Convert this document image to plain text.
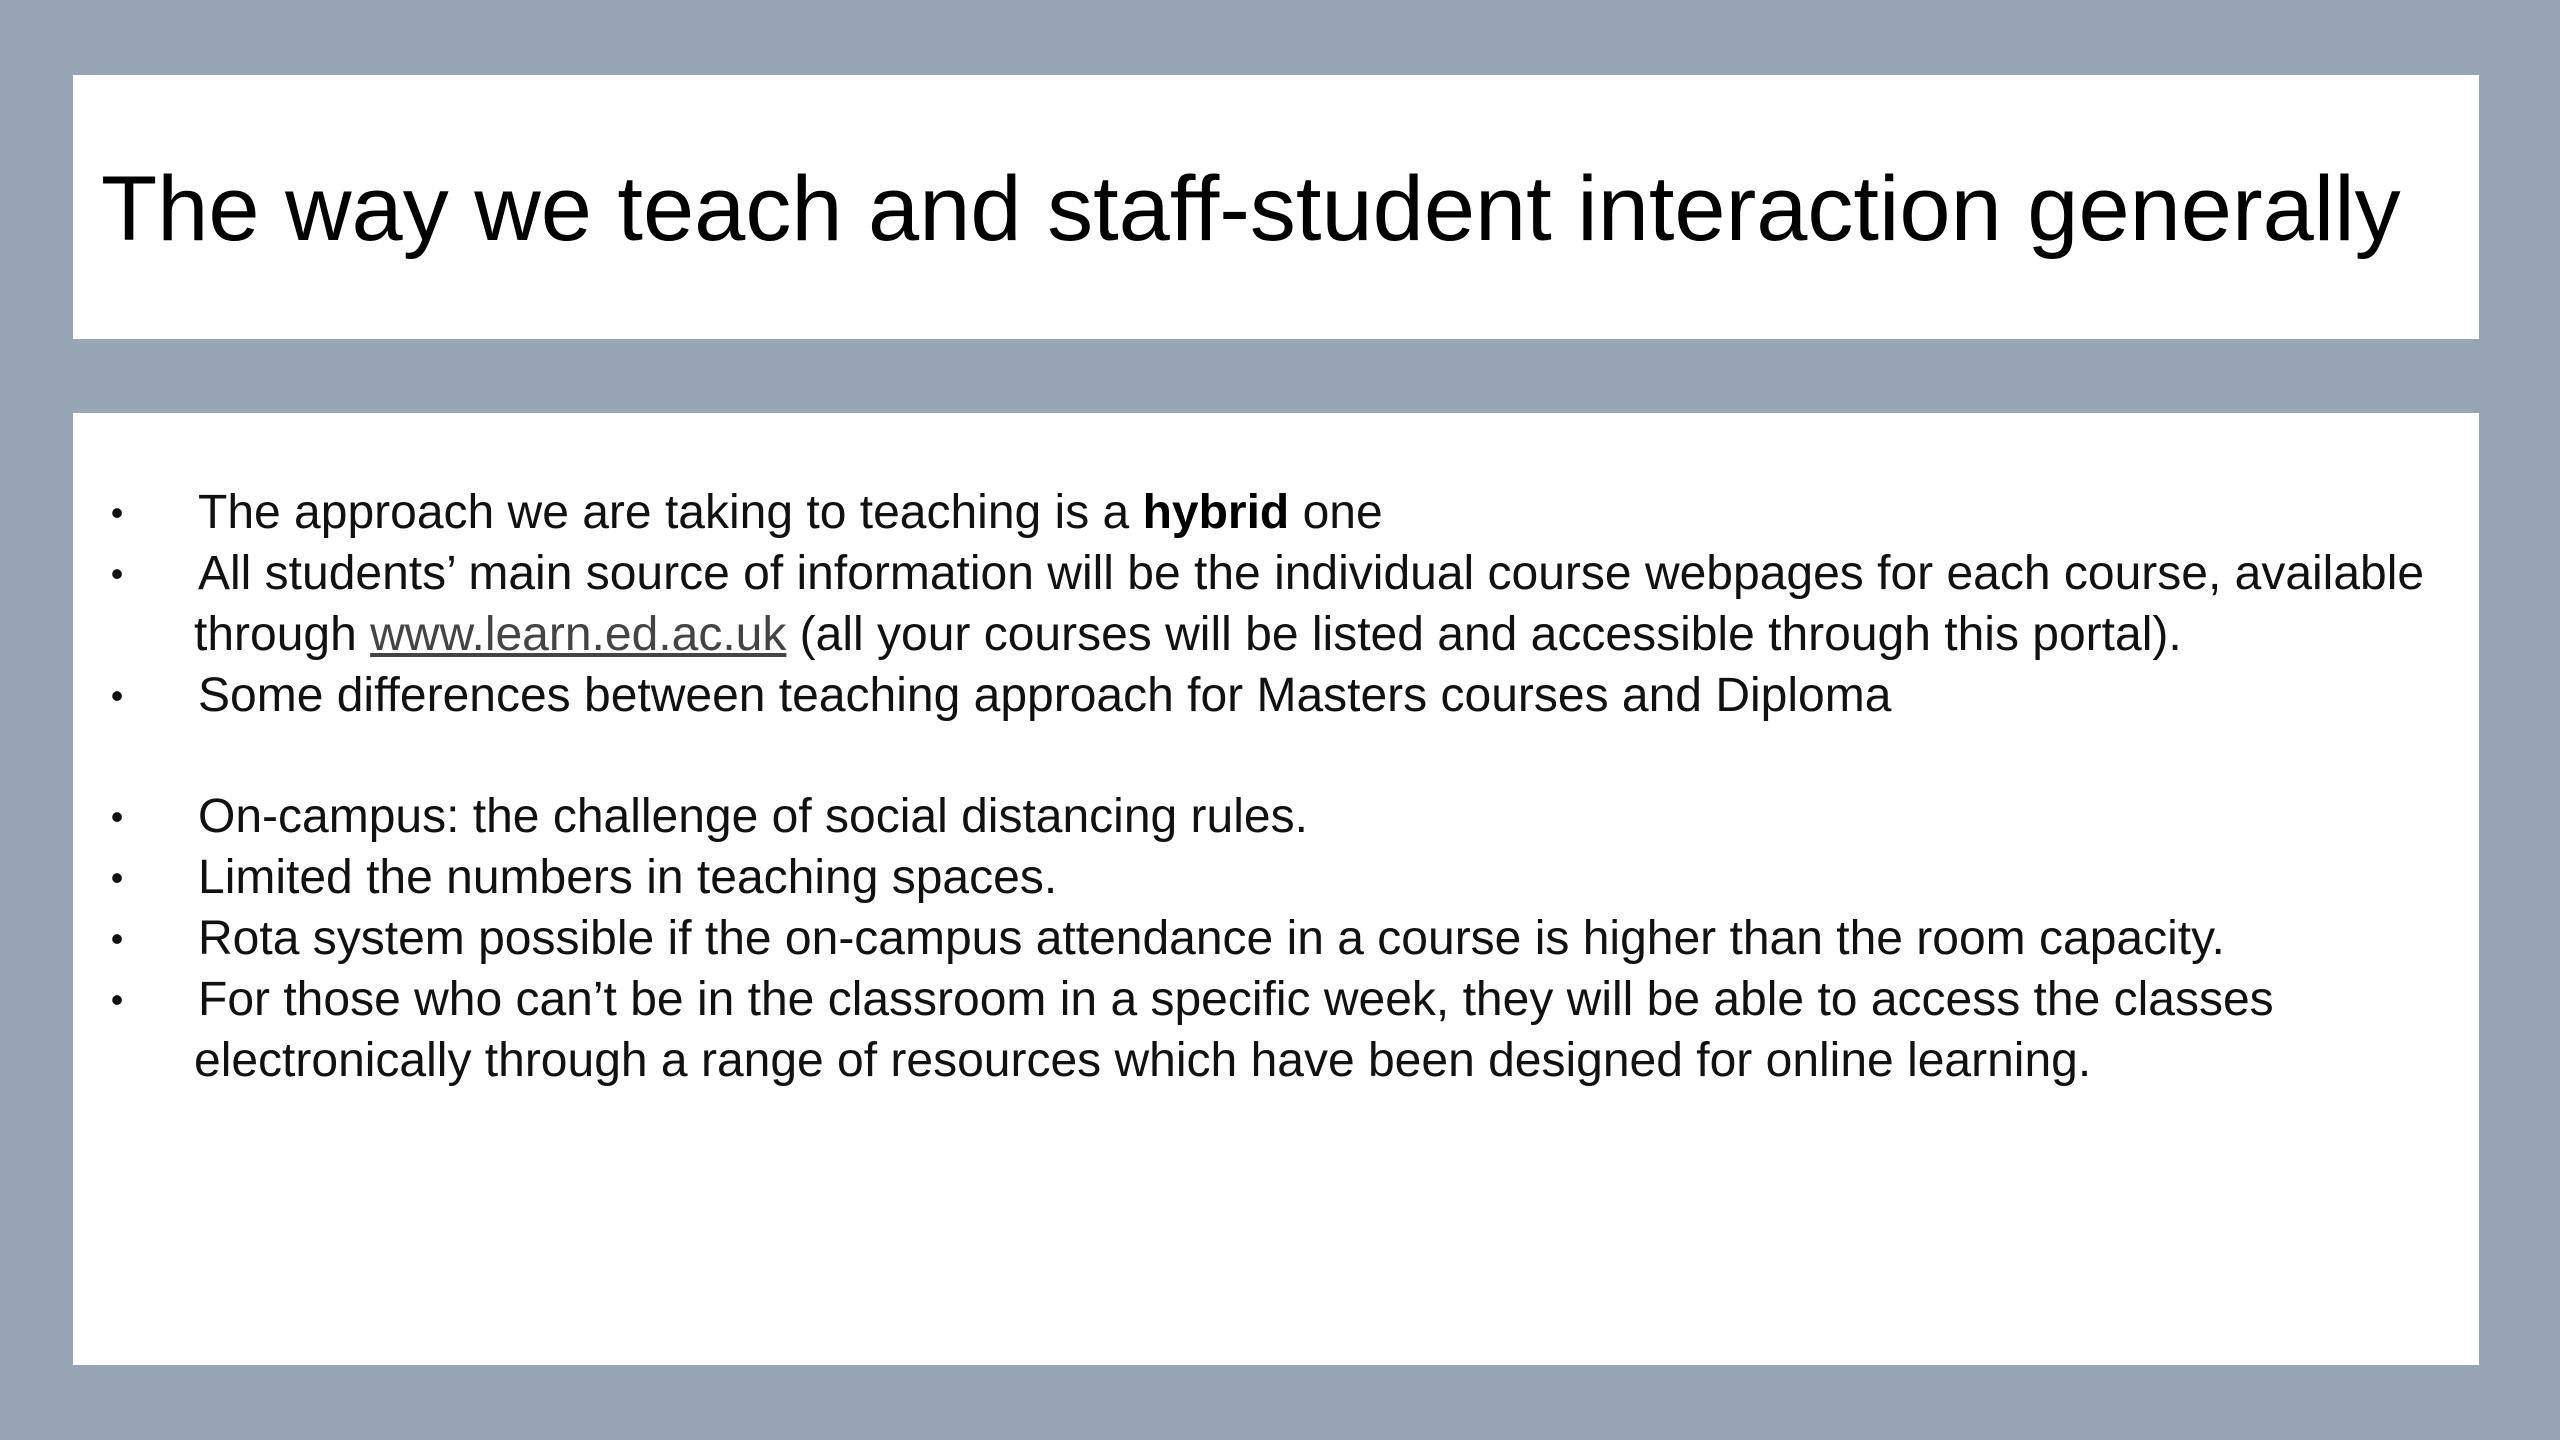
The way we teach and staff-student interaction generally
• The approach we are taking to teaching is a hybrid one
• All students’ main source of information will be the individual course webpages for each course, available
through www.learn.ed.ac.uk (all your courses will be listed and accessible through this portal).
• Some differences between teaching approach for Masters courses and Diploma
• On-campus: the challenge of social distancing rules.
• Limited the numbers in teaching spaces.
• Rota system possible if the on-campus attendance in a course is higher than the room capacity.
• For those who can’t be in the classroom in a specific week, they will be able to access the classes
electronically through a range of resources which have been designed for online learning.
